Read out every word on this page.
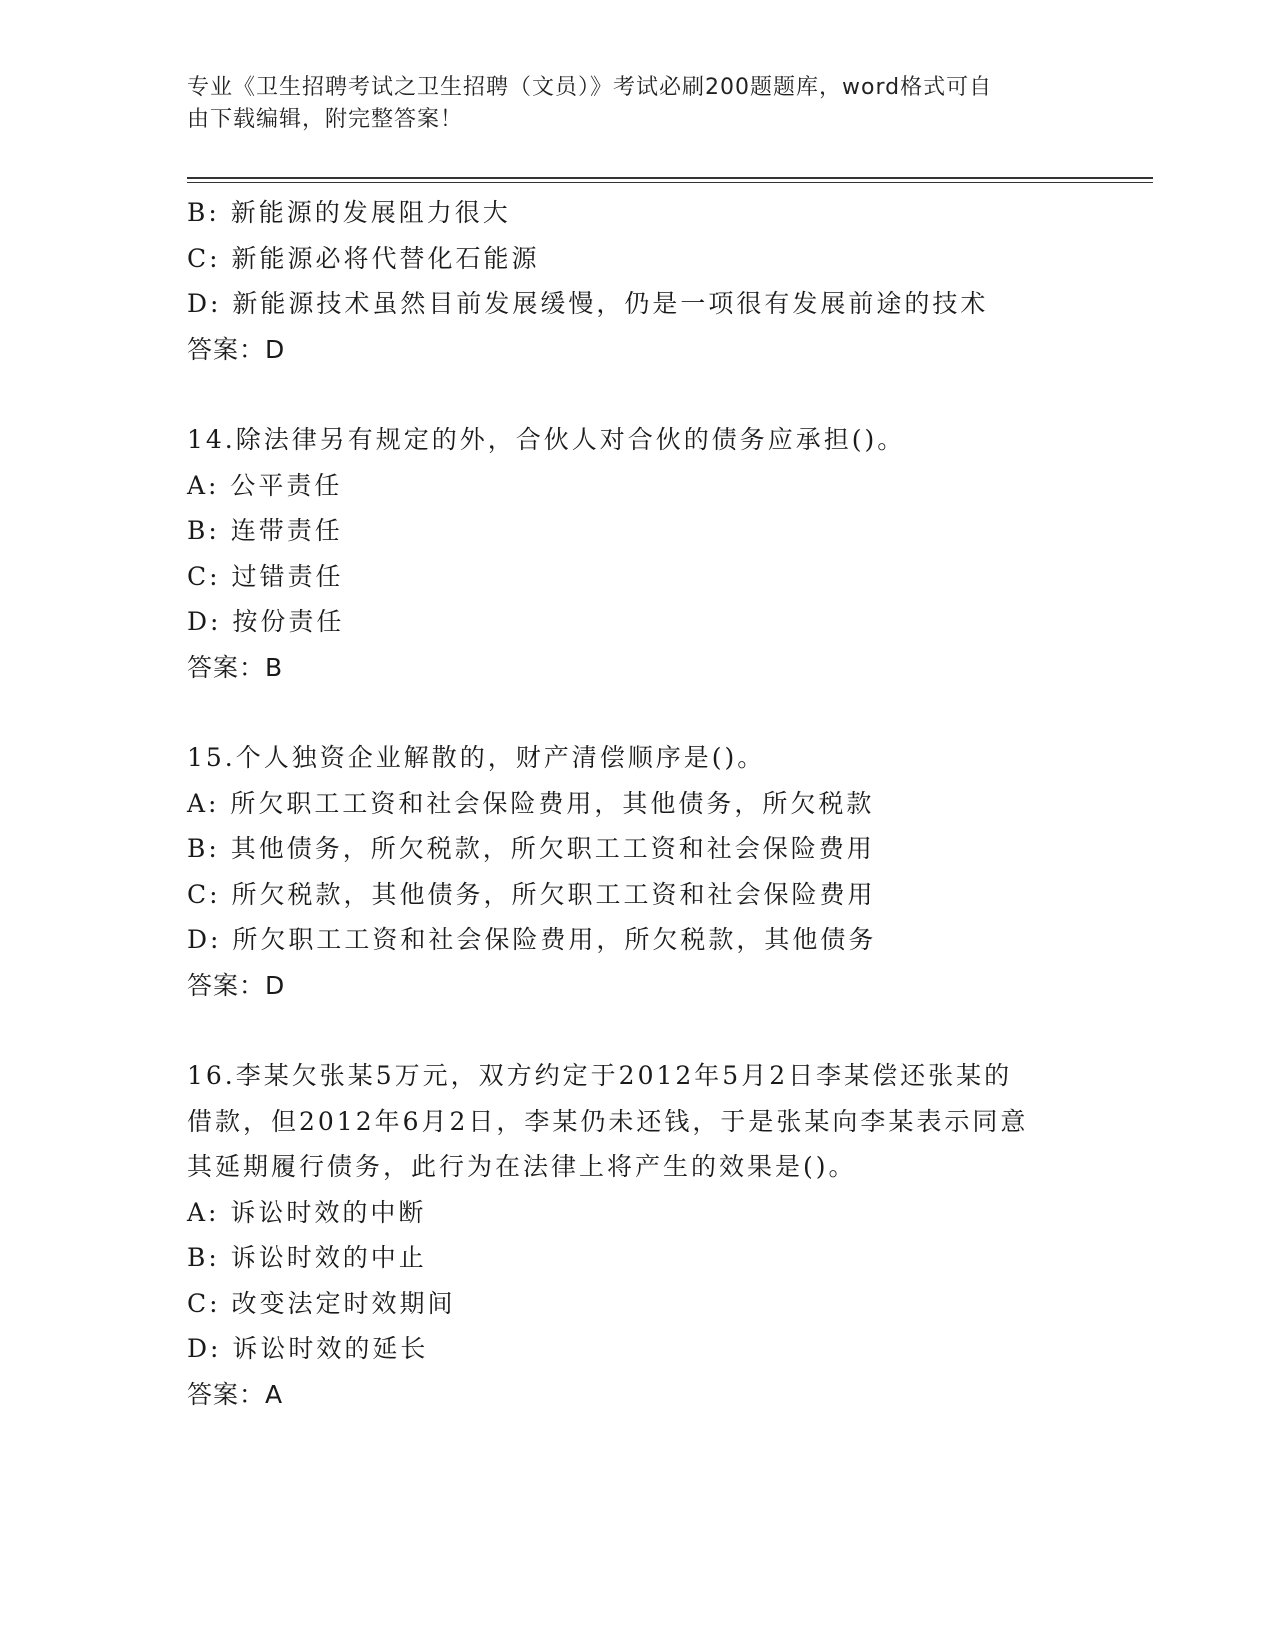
专业《卫生招聘考试之卫生招聘（文员）》考试必刷200题题库，word格式可自
由下载编辑，附完整答案！
B: 新能源的发展阻力很大
C: 新能源必将代替化石能源
D: 新能源技术虽然目前发展缓慢，仍是一项很有发展前途的技术
答案：D
14.除法律另有规定的外，合伙人对合伙的债务应承担()。
A: 公平责任
B: 连带责任
C: 过错责任
D: 按份责任
答案：B
15.个人独资企业解散的，财产清偿顺序是()。
A: 所欠职工工资和社会保险费用，其他债务，所欠税款
B: 其他债务，所欠税款，所欠职工工资和社会保险费用
C: 所欠税款，其他债务，所欠职工工资和社会保险费用
D: 所欠职工工资和社会保险费用，所欠税款，其他债务
答案：D
16.李某欠张某5万元，双方约定于2012年5月2日李某偿还张某的
借款，但2012年6月2日，李某仍未还钱，于是张某向李某表示同意
其延期履行债务，此行为在法律上将产生的效果是()。
A: 诉讼时效的中断
B: 诉讼时效的中止
C: 改变法定时效期间
D: 诉讼时效的延长
答案：A
